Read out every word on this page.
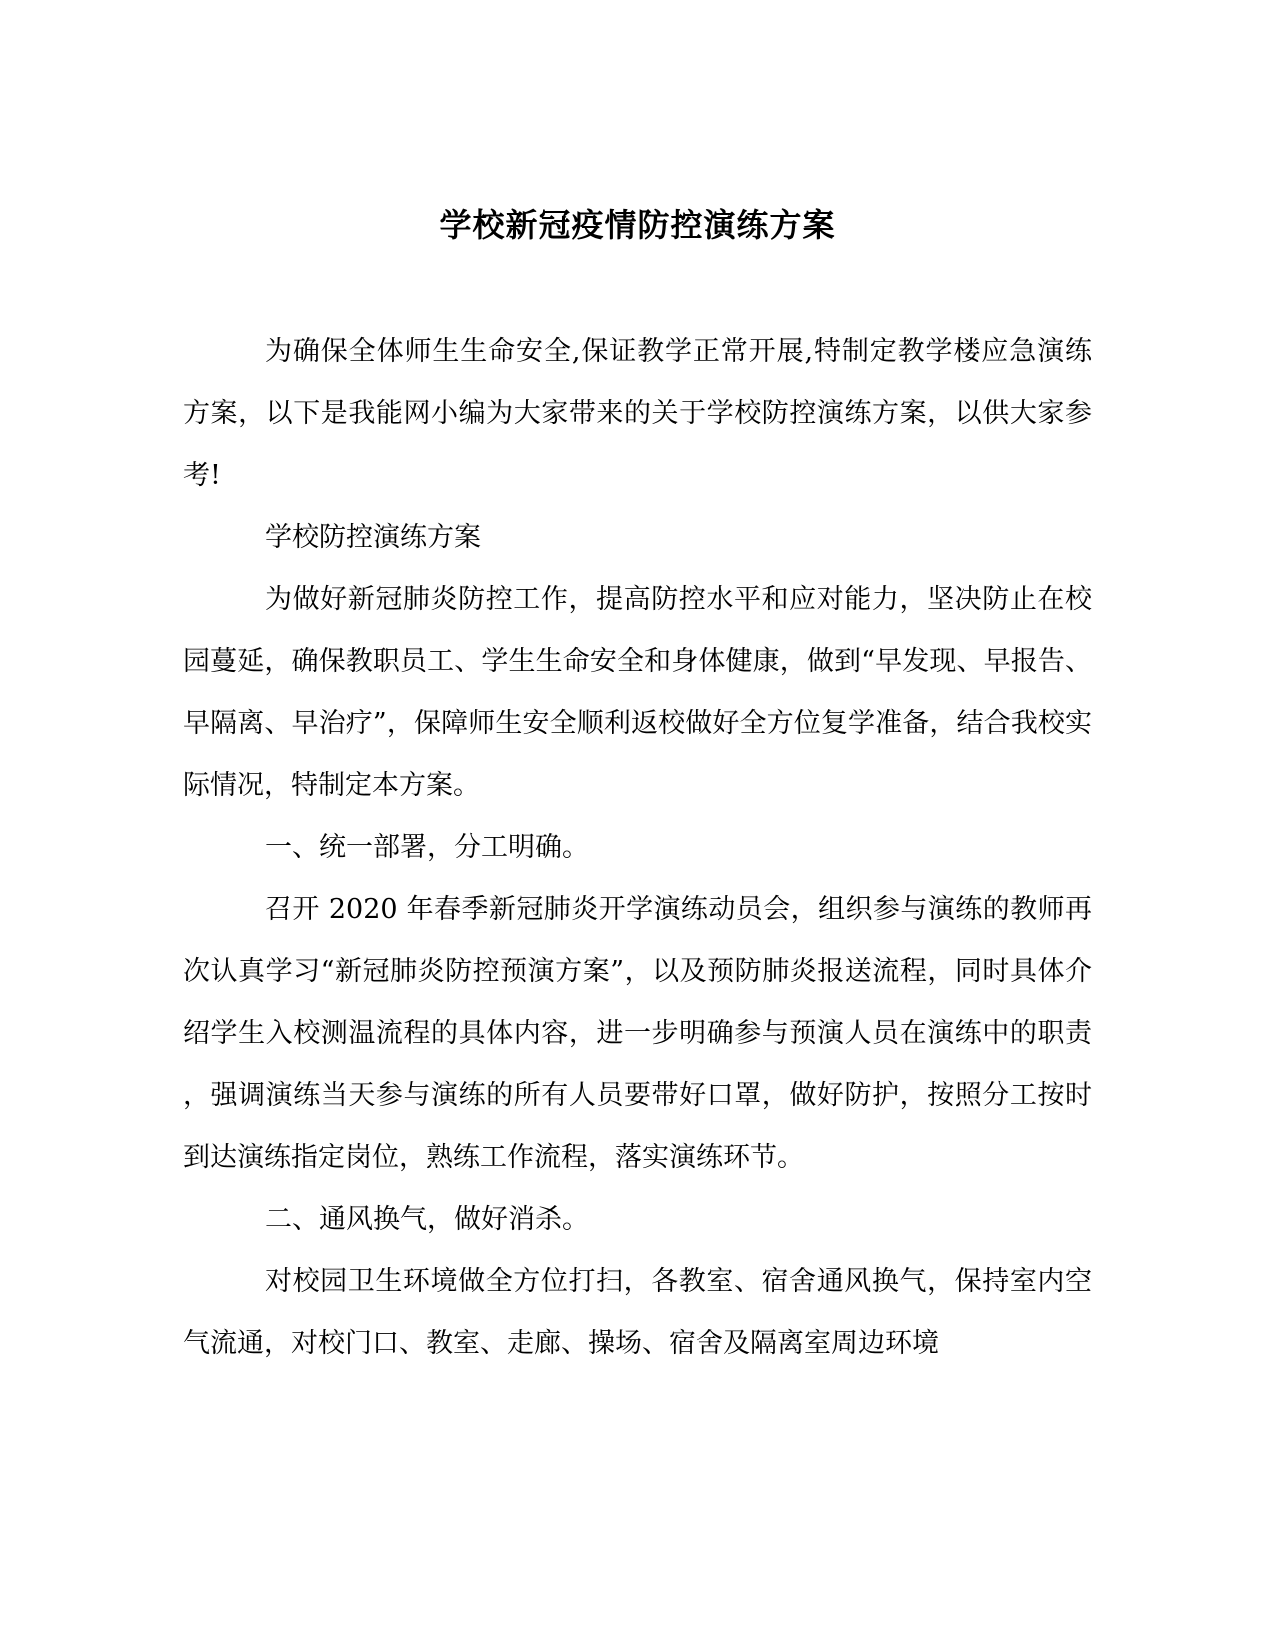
学校新冠疫情防控演练方案

为确保全体师生生命安全,保证教学正常开展,特制定教学楼应急演练方案，以下是我能网小编为大家带来的关于学校防控演练方案，以供大家参考!

学校防控演练方案

为做好新冠肺炎防控工作，提高防控水平和应对能力，坚决防止在校园蔓延，确保教职员工、学生生命安全和身体健康，做到“早发现、早报告、早隔离、早治疗”，保障师生安全顺利返校做好全方位复学准备，结合我校实际情况，特制定本方案。

一、统一部署，分工明确。

召开 2020 年春季新冠肺炎开学演练动员会，组织参与演练的教师再次认真学习“新冠肺炎防控预演方案”，以及预防肺炎报送流程，同时具体介绍学生入校测温流程的具体内容，进一步明确参与预演人员在演练中的职责，强调演练当天参与演练的所有人员要带好口罩，做好防护，按照分工按时到达演练指定岗位，熟练工作流程，落实演练环节。

二、通风换气，做好消杀。

对校园卫生环境做全方位打扫，各教室、宿舍通风换气，保持室内空气流通，对校门口、教室、走廊、操场、宿舍及隔离室周边环境
